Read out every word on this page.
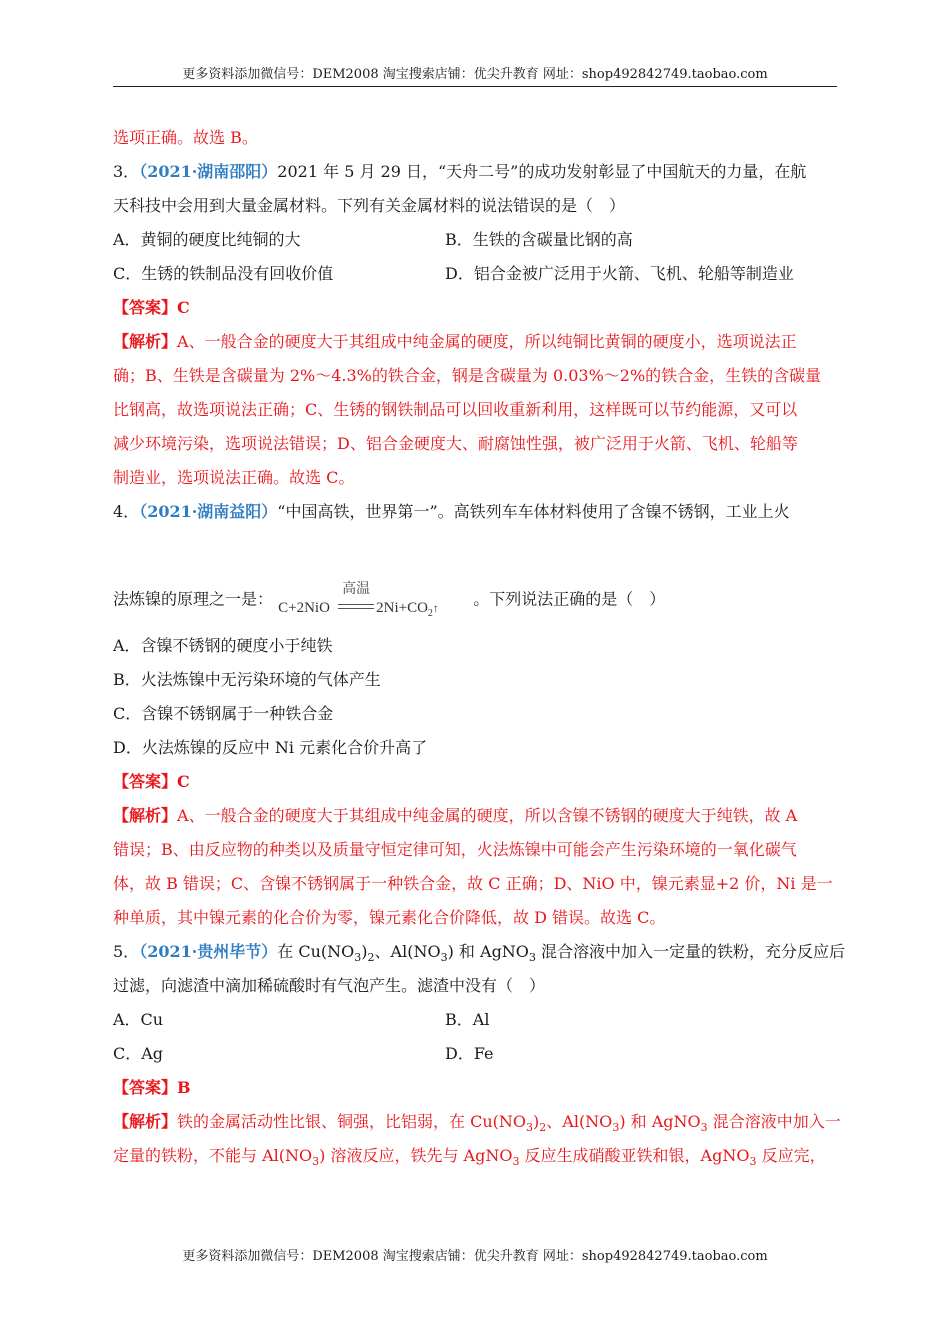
更多资料添加微信号：DEM2008 淘宝搜索店铺：优尖升教育 网址：shop492842749.taobao.com
选项正确。故选 B。
3．（2021·湖南邵阳）2021 年 5 月 29 日，“天舟二号”的成功发射彰显了中国航天的力量，在航
天科技中会用到大量金属材料。下列有关金属材料的说法错误的是（　）
A．黄铜的硬度比纯铜的大	B．生铁的含碳量比钢的高
C．生锈的铁制品没有回收价值	D．铝合金被广泛用于火箭、飞机、轮船等制造业
【答案】C
【解析】A、一般合金的硬度大于其组成中纯金属的硬度，所以纯铜比黄铜的硬度小，选项说法正
确；B、生铁是含碳量为 2%～4.3%的铁合金，钢是含碳量为 0.03%～2%的铁合金，生铁的含碳量
比钢高，故选项说法正确；C、生锈的钢铁制品可以回收重新利用，这样既可以节约能源，又可以
减少环境污染，选项说法错误；D、铝合金硬度大、耐腐蚀性强，被广泛用于火箭、飞机、轮船等
制造业，选项说法正确。故选 C。
4．（2021·湖南益阳）“中国高铁，世界第一”。高铁列车车体材料使用了含镍不锈钢，工业上火
法炼镍的原理之一是： C+2NiO
高温
$2Ni+CO_2↑$ 。下列说法正确的是（　）
A．含镍不锈钢的硬度小于纯铁
B．火法炼镍中无污染环境的气体产生
C．含镍不锈钢属于一种铁合金
D．火法炼镍的反应中 Ni 元素化合价升高了
【答案】C
【解析】A、一般合金的硬度大于其组成中纯金属的硬度，所以含镍不锈钢的硬度大于纯铁，故 A
错误；B、由反应物的种类以及质量守恒定律可知，火法炼镍中可能会产生污染环境的一氧化碳气
体，故 B 错误；C、含镍不锈钢属于一种铁合金，故 C 正确；D、NiO 中，镍元素显+2 价，Ni 是一
种单质，其中镍元素的化合价为零，镍元素化合价降低，故 D 错误。故选 C。
5．（2021·贵州毕节）在 $Cu(NO_3)_2$、$Al(NO_3)$ 和 AgNO$_3$ 混合溶液中加入一定量的铁粉，充分反应后
过滤，向滤渣中滴加稀硫酸时有气泡产生。滤渣中没有（　）
A．Cu	B．Al
C．Ag	D．Fe
【答案】B
【解析】铁的金属活动性比银、铜强，比铝弱，在 $Cu(NO_3)_2$、$Al(NO_3)$ 和 AgNO$_3$ 混合溶液中加入一
定量的铁粉，不能与 $Al(NO_3)$ 溶液反应，铁先与 AgNO$_3$ 反应生成硝酸亚铁和银，AgNO$_3$ 反应完，
更多资料添加微信号：DEM2008 淘宝搜索店铺：优尖升教育 网址：shop492842749.taobao.com
